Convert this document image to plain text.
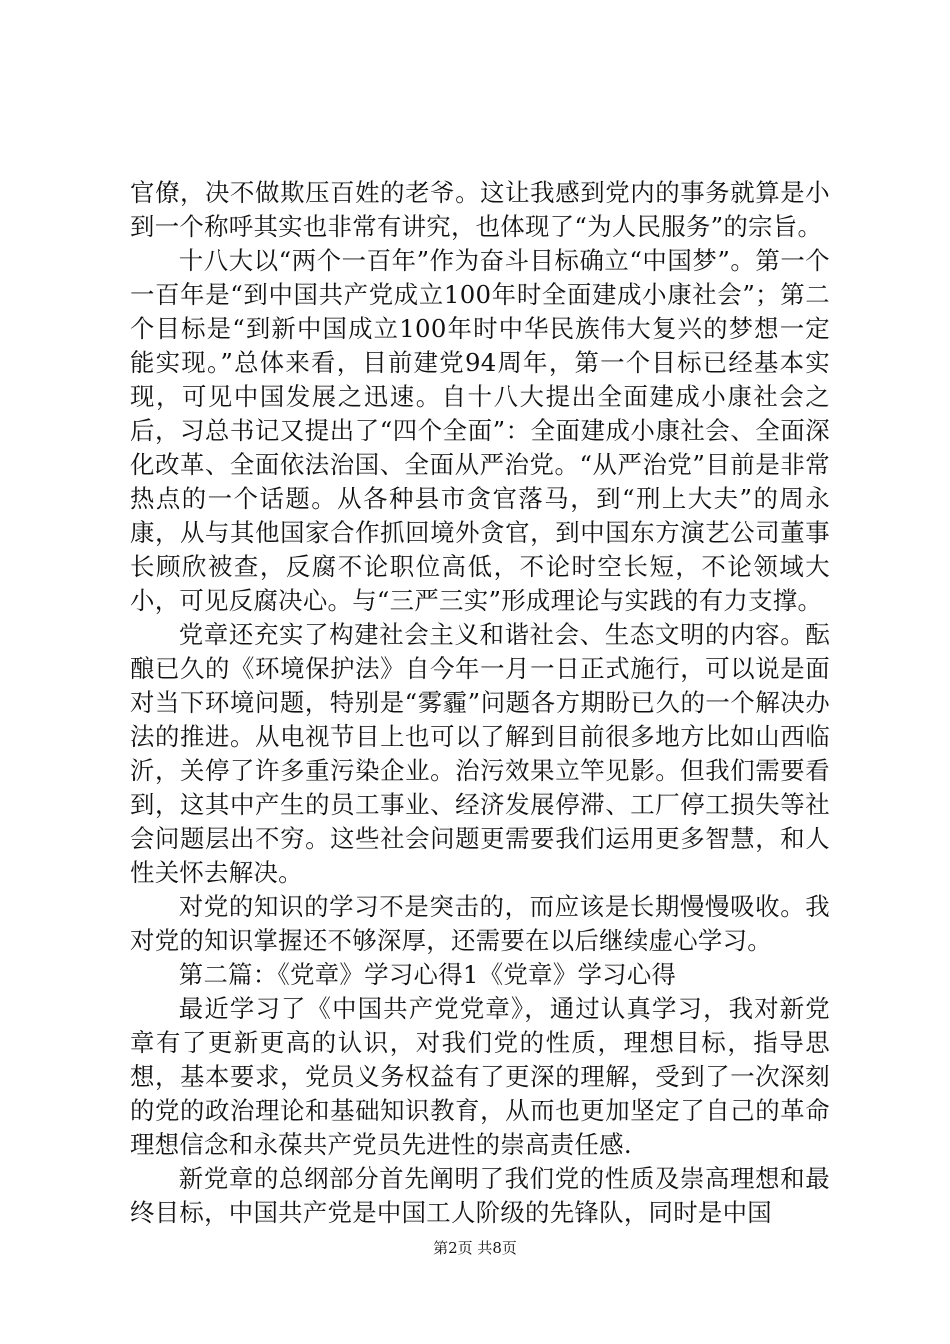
官僚，决不做欺压百姓的老爷。这让我感到党内的事务就算是小到一个称呼其实也非常有讲究，也体现了“为人民服务”的宗旨。

十八大以“两个一百年”作为奋斗目标确立“中国梦”。第一个一百年是“到中国共产党成立100年时全面建成小康社会”；第二个目标是“到新中国成立100年时中华民族伟大复兴的梦想一定能实现。”总体来看，目前建党94周年，第一个目标已经基本实现，可见中国发展之迅速。自十八大提出全面建成小康社会之后，习总书记又提出了“四个全面”：全面建成小康社会、全面深化改革、全面依法治国、全面从严治党。“从严治党”目前是非常热点的一个话题。从各种县市贪官落马，到“刑上大夫”的周永康，从与其他国家合作抓回境外贪官，到中国东方演艺公司董事长顾欣被查，反腐不论职位高低，不论时空长短，不论领域大小，可见反腐决心。与“三严三实”形成理论与实践的有力支撑。

党章还充实了构建社会主义和谐社会、生态文明的内容。酝酿已久的《环境保护法》自今年一月一日正式施行，可以说是面对当下环境问题，特别是“雾霾”问题各方期盼已久的一个解决办法的推进。从电视节目上也可以了解到目前很多地方比如山西临沂，关停了许多重污染企业。治污效果立竿见影。但我们需要看到，这其中产生的员工事业、经济发展停滞、工厂停工损失等社会问题层出不穷。这些社会问题更需要我们运用更多智慧，和人性关怀去解决。

对党的知识的学习不是突击的，而应该是长期慢慢吸收。我对党的知识掌握还不够深厚，还需要在以后继续虚心学习。

第二篇：《党章》学习心得1《党章》学习心得

最近学习了《中国共产党党章》，通过认真学习，我对新党章有了更新更高的认识，对我们党的性质，理想目标，指导思想，基本要求，党员义务权益有了更深的理解，受到了一次深刻的党的政治理论和基础知识教育，从而也更加坚定了自己的革命理想信念和永葆共产党员先进性的崇高责任感.

新党章的总纲部分首先阐明了我们党的性质及崇高理想和最终目标，中国共产党是中国工人阶级的先锋队，同时是中国

第2页 共8页
